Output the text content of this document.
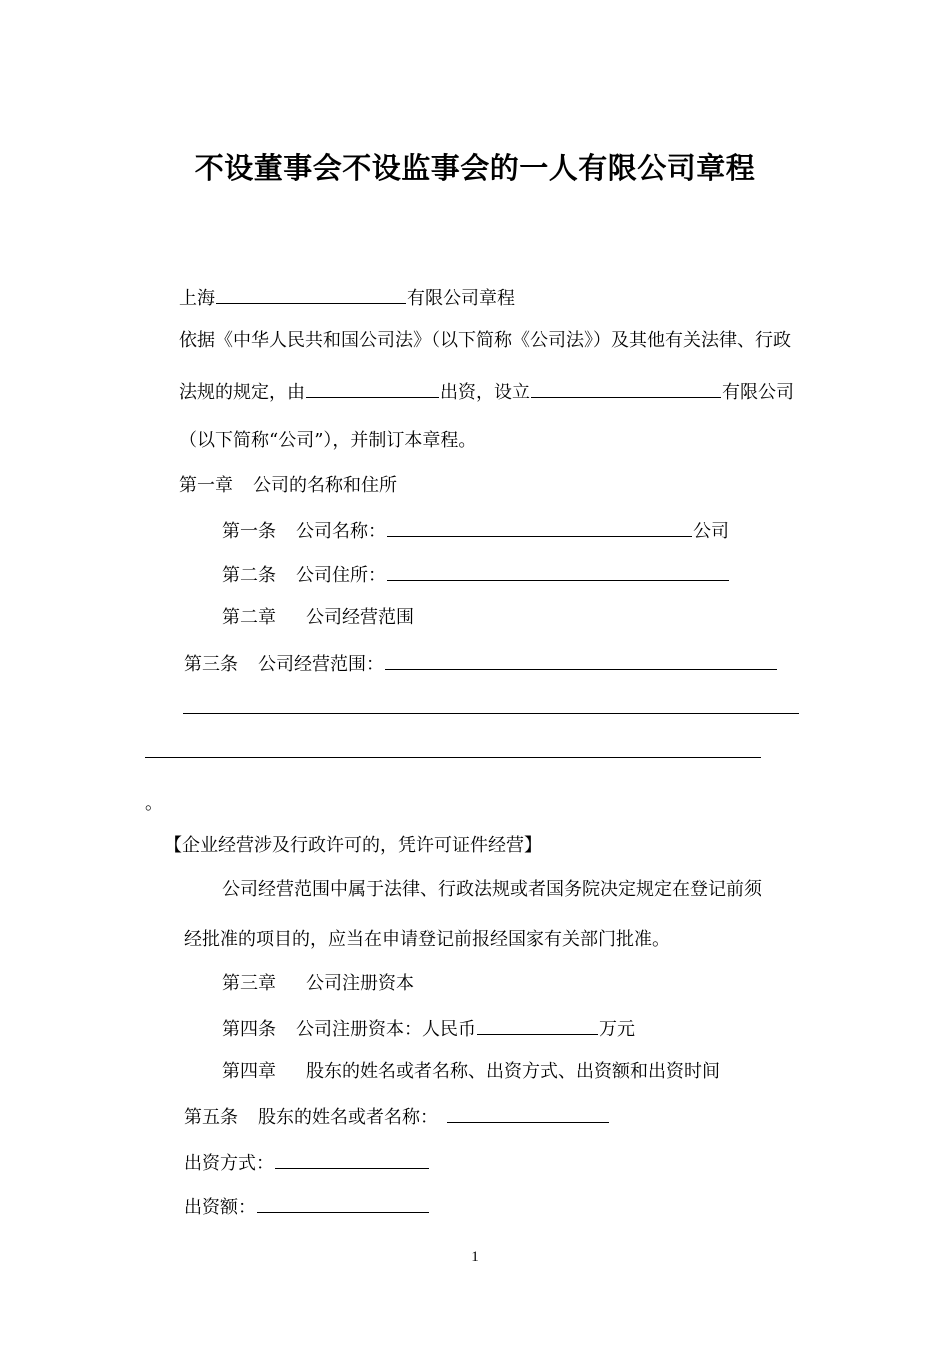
不设董事会不设监事会的一人有限公司章程
上海	有限公司章程
依据《中华人民共和国公司法》（以下简称《公司法》）及其他有关法律、行政
法规的规定，由	出资，设立	有限公司
（以下简称“公司”），并制订本章程。
第一章 公司的名称和住所
第一条 公司名称：	公司
第二条 公司住所：
第二章 公司经营范围
第三条 公司经营范围：
。
【企业经营涉及行政许可的，凭许可证件经营】
公司经营范围中属于法律、行政法规或者国务院决定规定在登记前须
经批准的项目的，应当在申请登记前报经国家有关部门批准。
第三章 公司注册资本
第四条 公司注册资本：人民币	万元
第四章 股东的姓名或者名称、出资方式、出资额和出资时间
第五条 股东的姓名或者名称：
出资方式：
出资额：
1
